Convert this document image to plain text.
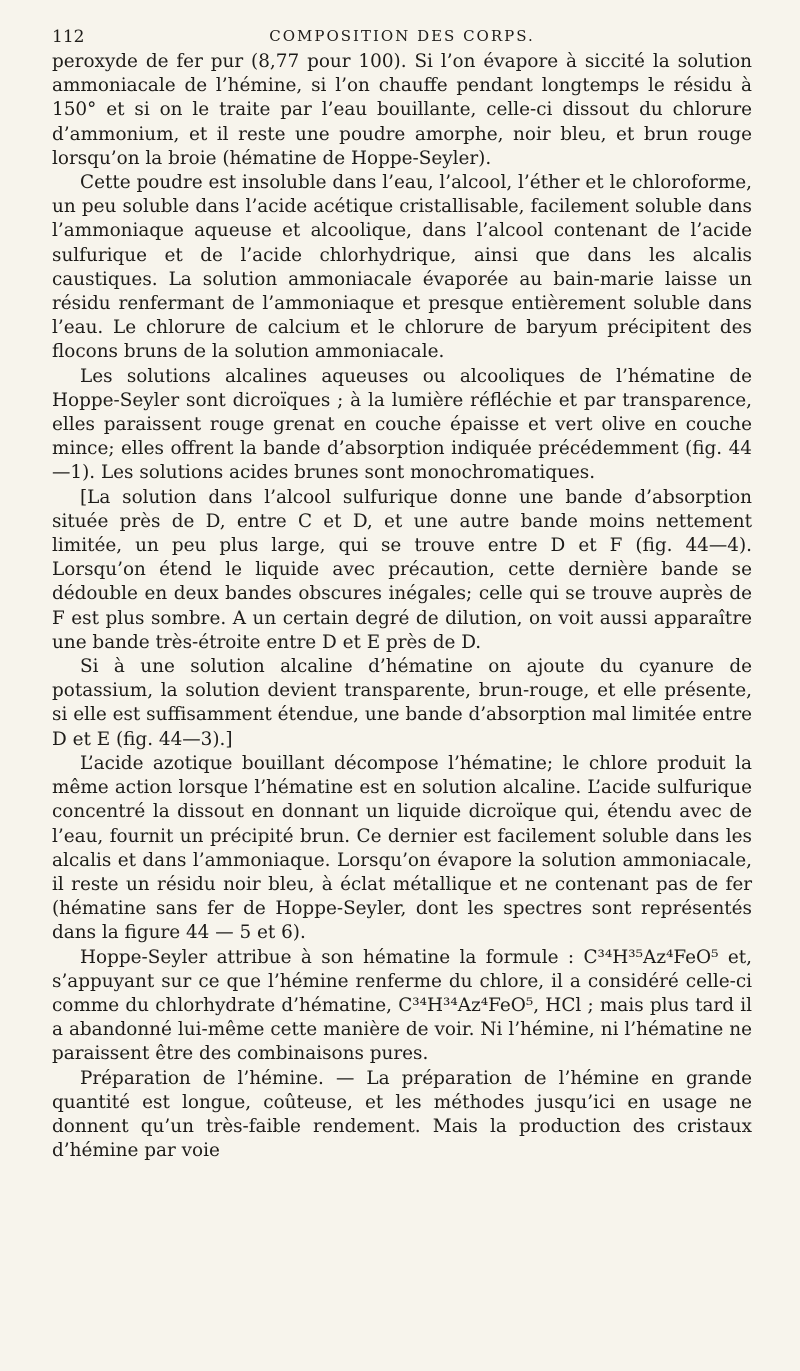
112	COMPOSITION DES CORPS.

peroxyde de fer pur (8,77 pour 100). Si l’on évapore à siccité la solution ammoniacale de l’hémine, si l’on chauffe pendant longtemps le résidu à 150° et si on le traite par l’eau bouillante, celle-ci dissout du chlorure d’ammonium, et il reste une poudre amorphe, noir bleu, et brun rouge lorsqu’on la broie (hématine de Hoppe-Seyler).

Cette poudre est insoluble dans l’eau, l’alcool, l’éther et le chloroforme, un peu soluble dans l’acide acétique cristallisable, facilement soluble dans l’ammoniaque aqueuse et alcoolique, dans l’alcool contenant de l’acide sulfurique et de l’acide chlorhydrique, ainsi que dans les alcalis caustiques. La solution ammoniacale évaporée au bain-marie laisse un résidu renfermant de l’ammoniaque et presque entièrement soluble dans l’eau. Le chlorure de calcium et le chlorure de baryum précipitent des flocons bruns de la solution ammoniacale.

Les solutions alcalines aqueuses ou alcooliques de l’hématine de Hoppe-Seyler sont dicroïques ; à la lumière réfléchie et par transparence, elles paraissent rouge grenat en couche épaisse et vert olive en couche mince; elles offrent la bande d’absorption indiquée précédemment (fig. 44—1). Les solutions acides brunes sont monochromatiques.

[La solution dans l’alcool sulfurique donne une bande d’absorption située près de D, entre C et D, et une autre bande moins nettement limitée, un peu plus large, qui se trouve entre D et F (fig. 44—4). Lorsqu’on étend le liquide avec précaution, cette dernière bande se dédouble en deux bandes obscures inégales; celle qui se trouve auprès de F est plus sombre. A un certain degré de dilution, on voit aussi apparaître une bande très-étroite entre D et E près de D.

Si à une solution alcaline d’hématine on ajoute du cyanure de potassium, la solution devient transparente, brun-rouge, et elle présente, si elle est suffisamment étendue, une bande d’absorption mal limitée entre D et E (fig. 44—3).]

L’acide azotique bouillant décompose l’hématine; le chlore produit la même action lorsque l’hématine est en solution alcaline. L’acide sulfurique concentré la dissout en donnant un liquide dicroïque qui, étendu avec de l’eau, fournit un précipité brun. Ce dernier est facilement soluble dans les alcalis et dans l’ammoniaque. Lorsqu’on évapore la solution ammoniacale, il reste un résidu noir bleu, à éclat métallique et ne contenant pas de fer (hématine sans fer de Hoppe-Seyler, dont les spectres sont représentés dans la figure 44 — 5 et 6).

Hoppe-Seyler attribue à son hématine la formule : C³⁴H³⁵Az⁴FeO⁵ et, s’appuyant sur ce que l’hémine renferme du chlore, il a considéré celle-ci comme du chlorhydrate d’hématine, C³⁴H³⁴Az⁴FeO⁵, HCl ; mais plus tard il a abandonné lui-même cette manière de voir. Ni l’hémine, ni l’hématine ne paraissent être des combinaisons pures.

Préparation de l’hémine. — La préparation de l’hémine en grande quantité est longue, coûteuse, et les méthodes jusqu’ici en usage ne donnent qu’un très-faible rendement. Mais la production des cristaux d’hémine par voie
